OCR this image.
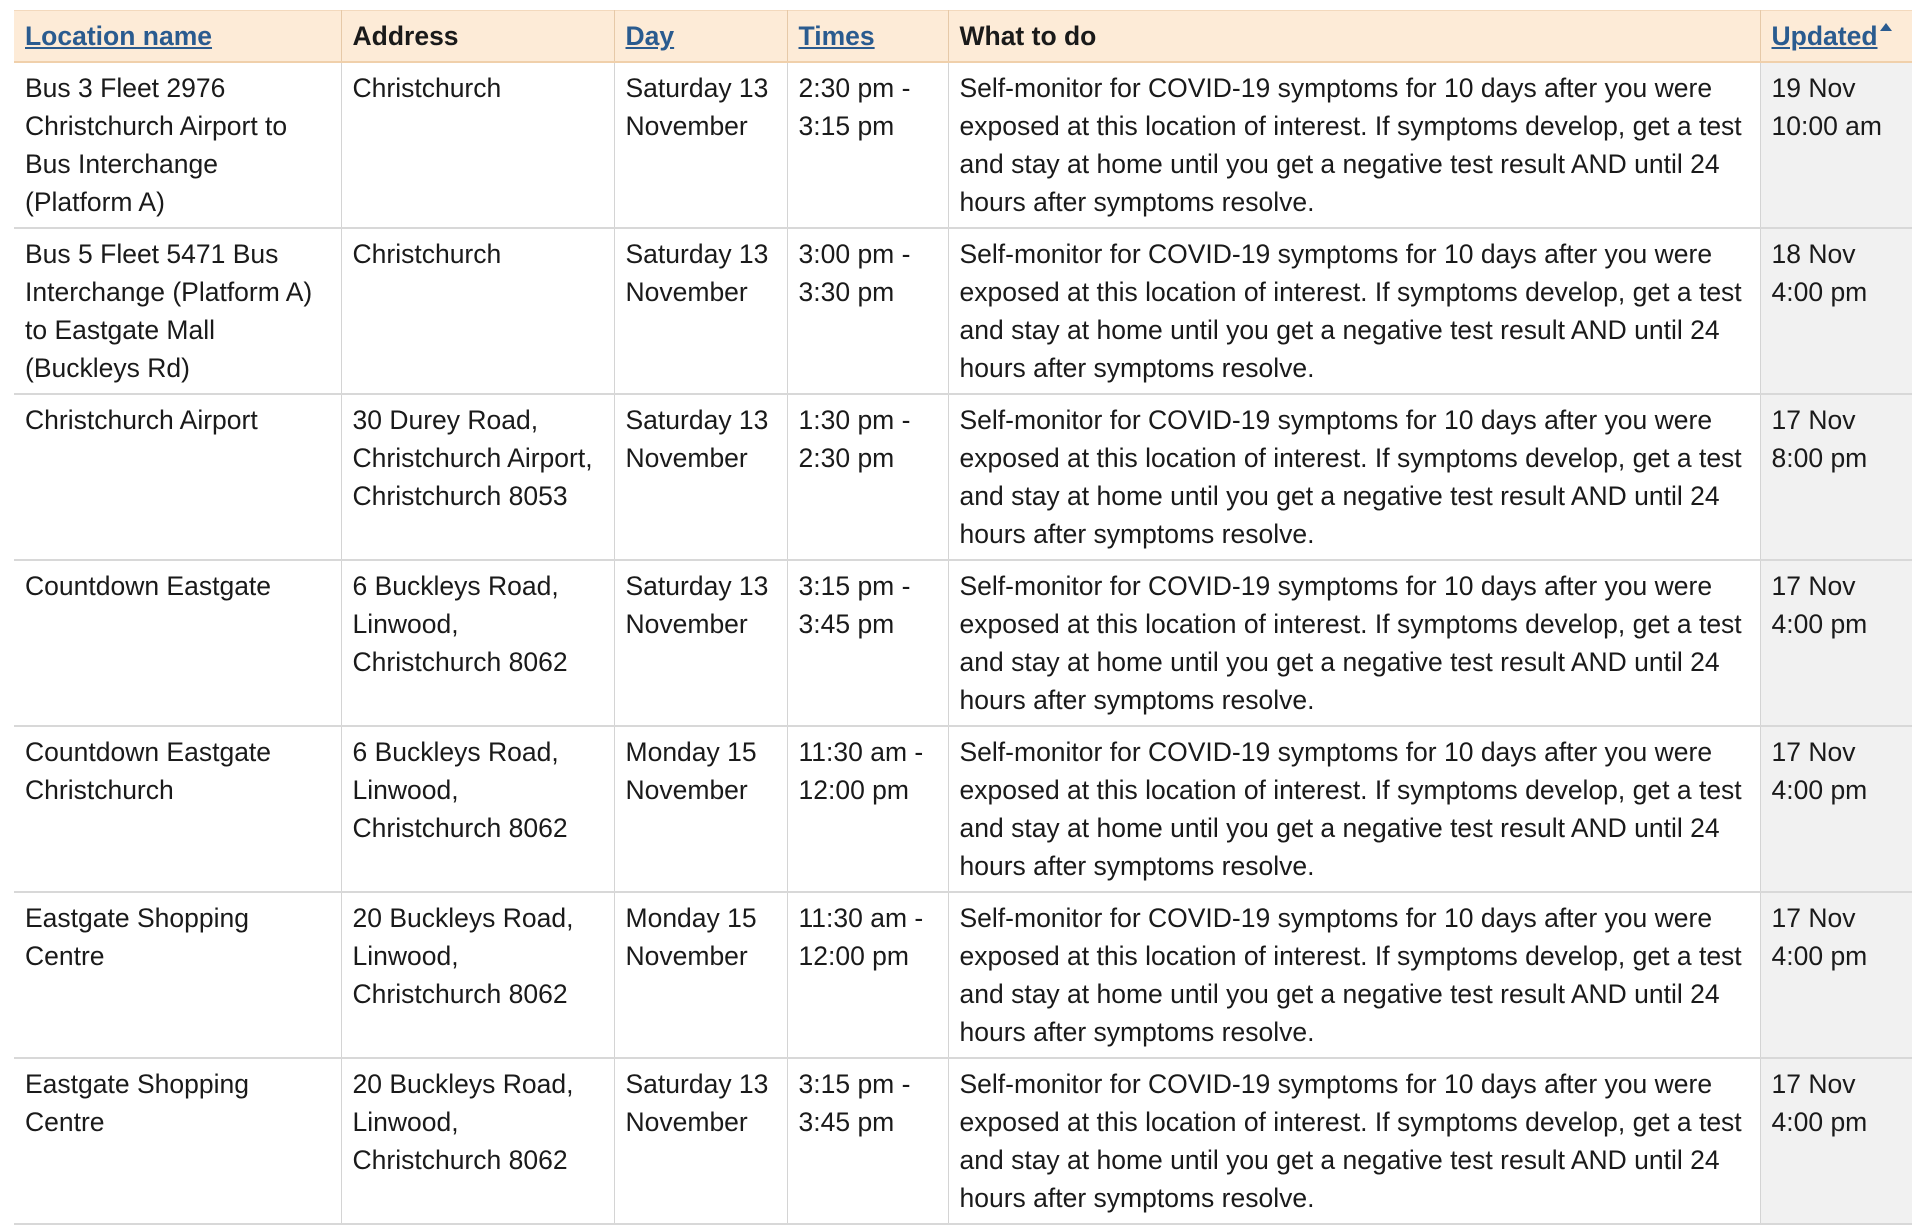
Location name	Address	Day	Times	What to do	Updated
Bus 3 Fleet 2976 Christchurch Airport to Bus Interchange (Platform A)	Christchurch	Saturday 13 November	2:30 pm - 3:15 pm	Self-monitor for COVID-19 symptoms for 10 days after you were exposed at this location of interest. If symptoms develop, get a test and stay at home until you get a negative test result AND until 24 hours after symptoms resolve.	19 Nov 10:00 am
Bus 5 Fleet 5471 Bus Interchange (Platform A) to Eastgate Mall (Buckleys Rd)	Christchurch	Saturday 13 November	3:00 pm - 3:30 pm	Self-monitor for COVID-19 symptoms for 10 days after you were exposed at this location of interest. If symptoms develop, get a test and stay at home until you get a negative test result AND until 24 hours after symptoms resolve.	18 Nov 4:00 pm
Christchurch Airport	30 Durey Road, Christchurch Airport, Christchurch 8053	Saturday 13 November	1:30 pm - 2:30 pm	Self-monitor for COVID-19 symptoms for 10 days after you were exposed at this location of interest. If symptoms develop, get a test and stay at home until you get a negative test result AND until 24 hours after symptoms resolve.	17 Nov 8:00 pm
Countdown Eastgate	6 Buckleys Road, Linwood, Christchurch 8062	Saturday 13 November	3:15 pm - 3:45 pm	Self-monitor for COVID-19 symptoms for 10 days after you were exposed at this location of interest. If symptoms develop, get a test and stay at home until you get a negative test result AND until 24 hours after symptoms resolve.	17 Nov 4:00 pm
Countdown Eastgate Christchurch	6 Buckleys Road, Linwood, Christchurch 8062	Monday 15 November	11:30 am - 12:00 pm	Self-monitor for COVID-19 symptoms for 10 days after you were exposed at this location of interest. If symptoms develop, get a test and stay at home until you get a negative test result AND until 24 hours after symptoms resolve.	17 Nov 4:00 pm
Eastgate Shopping Centre	20 Buckleys Road, Linwood, Christchurch 8062	Monday 15 November	11:30 am - 12:00 pm	Self-monitor for COVID-19 symptoms for 10 days after you were exposed at this location of interest. If symptoms develop, get a test and stay at home until you get a negative test result AND until 24 hours after symptoms resolve.	17 Nov 4:00 pm
Eastgate Shopping Centre	20 Buckleys Road, Linwood, Christchurch 8062	Saturday 13 November	3:15 pm - 3:45 pm	Self-monitor for COVID-19 symptoms for 10 days after you were exposed at this location of interest. If symptoms develop, get a test and stay at home until you get a negative test result AND until 24 hours after symptoms resolve.	17 Nov 4:00 pm
